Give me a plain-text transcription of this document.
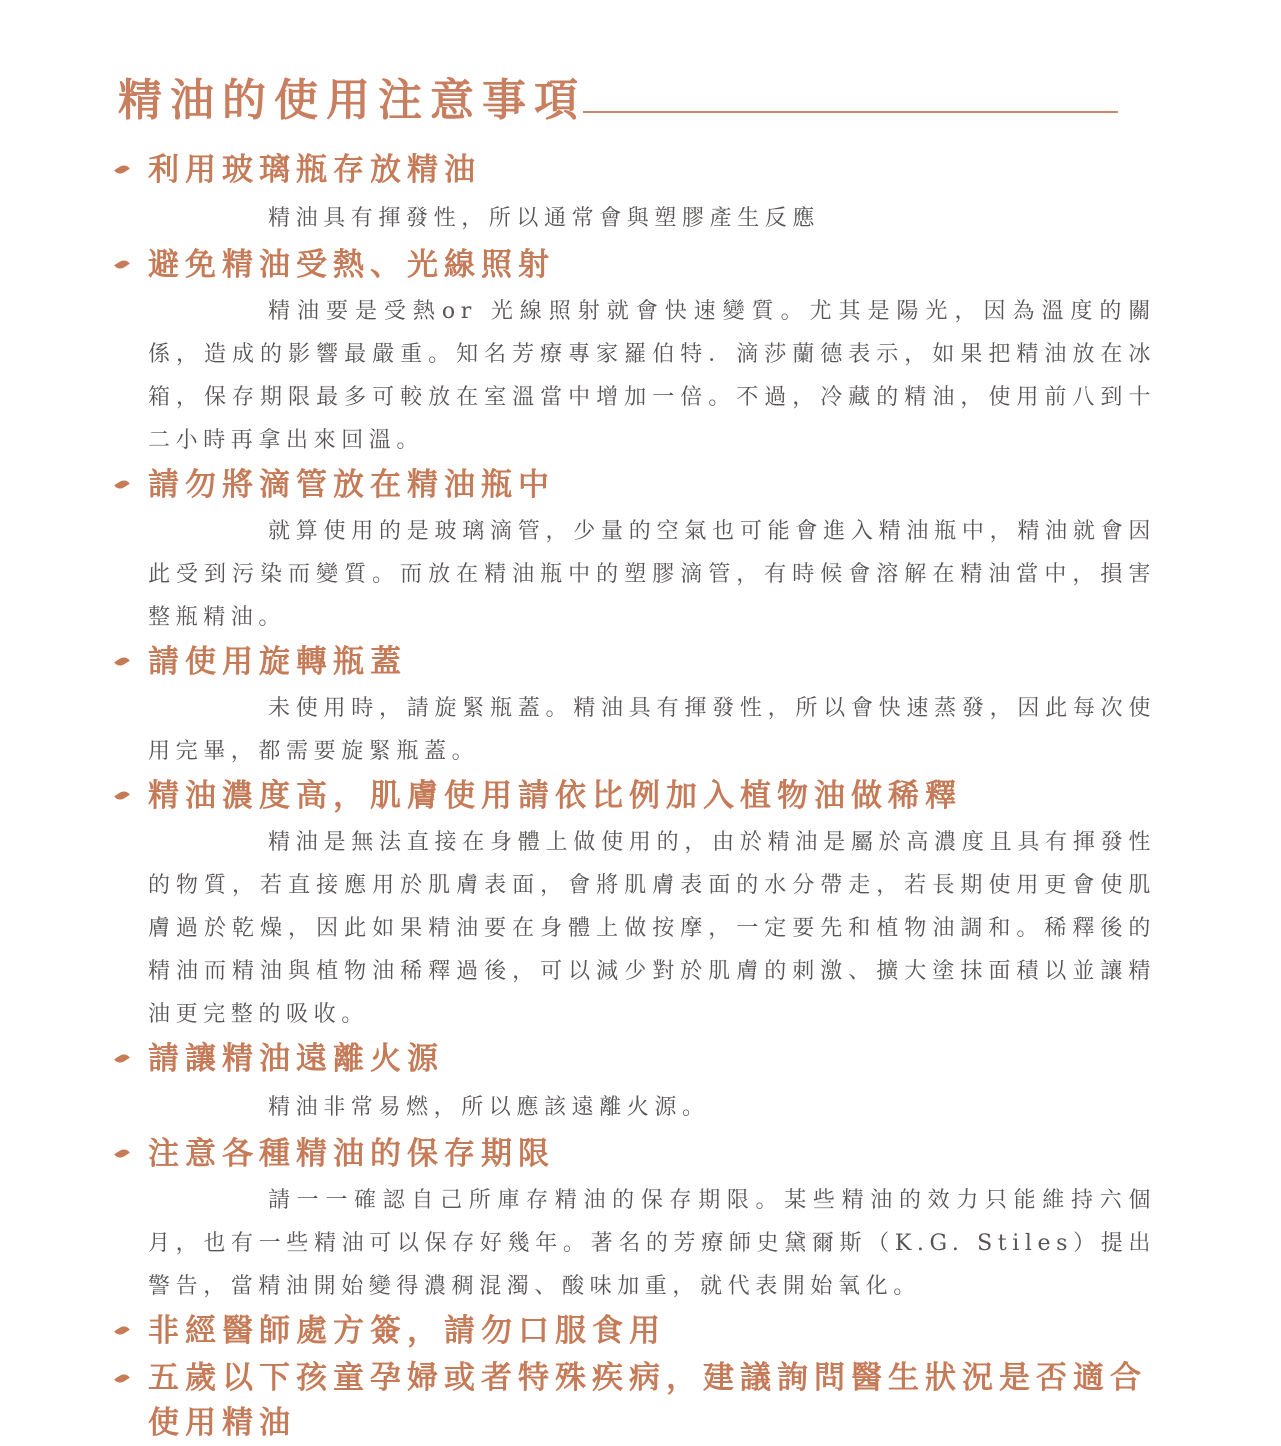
精油的使用注意事項
利用玻璃瓶存放精油
精油具有揮發性，所以通常會與塑膠產生反應
避免精油受熱、光線照射
精油要是受熱or 光線照射就會快速變質。尤其是陽光，因為溫度的關係，造成的影響最嚴重。知名芳療專家羅伯特．滴莎蘭德表示，如果把精油放在冰箱，保存期限最多可較放在室溫當中增加一倍。不過，冷藏的精油，使用前八到十二小時再拿出來回溫。
請勿將滴管放在精油瓶中
就算使用的是玻璃滴管，少量的空氣也可能會進入精油瓶中，精油就會因此受到污染而變質。而放在精油瓶中的塑膠滴管，有時候會溶解在精油當中，損害整瓶精油。
請使用旋轉瓶蓋
未使用時，請旋緊瓶蓋。精油具有揮發性，所以會快速蒸發，因此每次使用完畢，都需要旋緊瓶蓋。
精油濃度高，肌膚使用請依比例加入植物油做稀釋
精油是無法直接在身體上做使用的，由於精油是屬於高濃度且具有揮發性的物質，若直接應用於肌膚表面，會將肌膚表面的水分帶走，若長期使用更會使肌膚過於乾燥，因此如果精油要在身體上做按摩，一定要先和植物油調和。稀釋後的精油而精油與植物油稀釋過後，可以減少對於肌膚的刺激、擴大塗抹面積以並讓精油更完整的吸收。
請讓精油遠離火源
精油非常易燃，所以應該遠離火源。
注意各種精油的保存期限
請一一確認自己所庫存精油的保存期限。某些精油的效力只能維持六個月，也有一些精油可以保存好幾年。著名的芳療師史黛爾斯（K.G. Stiles）提出警告，當精油開始變得濃稠混濁、酸味加重，就代表開始氧化。
非經醫師處方簽，請勿口服食用
五歲以下孩童孕婦或者特殊疾病，建議詢問醫生狀況是否適合使用精油
